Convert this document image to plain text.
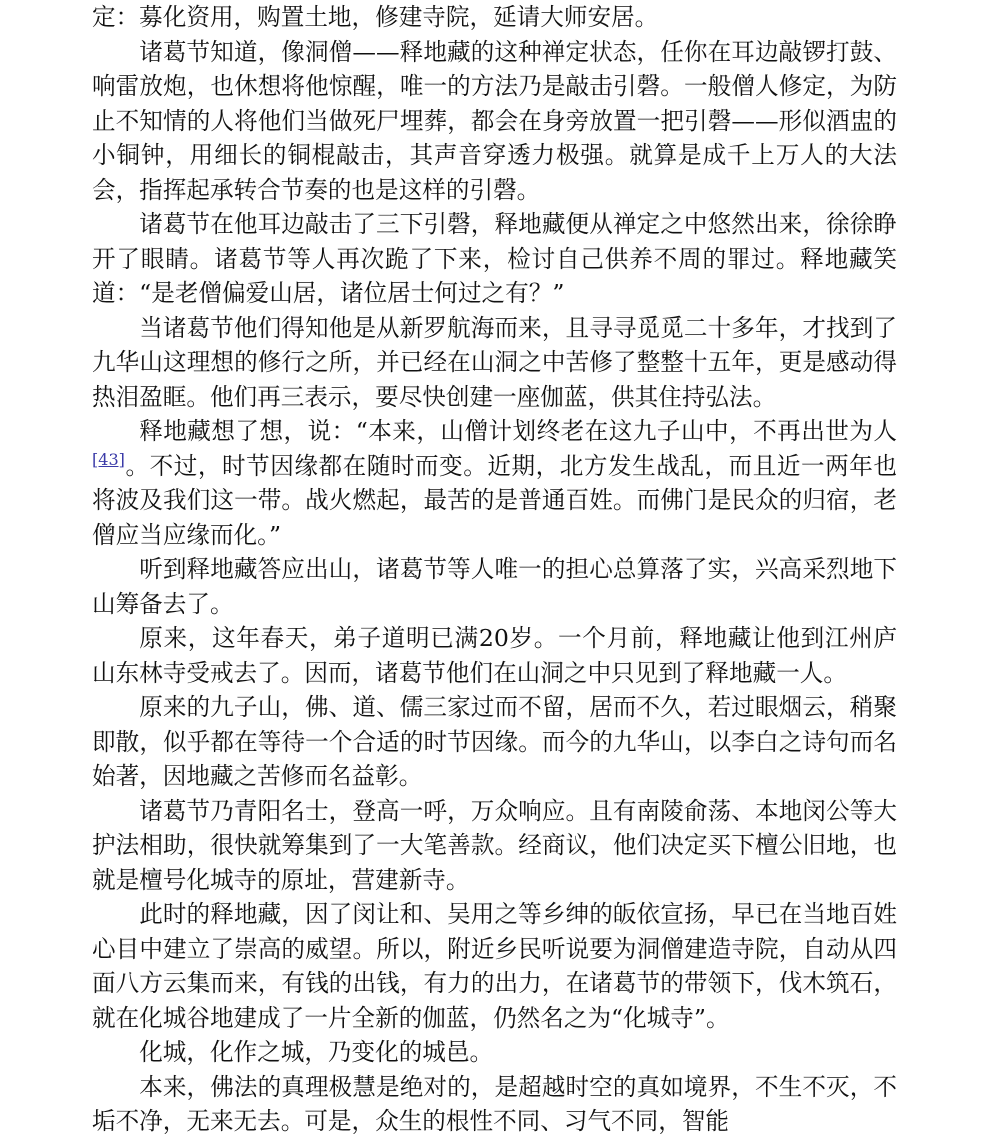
定：募化资用，购置土地，修建寺院，延请大师安居。

诸葛节知道，像洞僧——释地藏的这种禅定状态，任你在耳边敲锣打鼓、响雷放炮，也休想将他惊醒，唯一的方法乃是敲击引磬。一般僧人修定，为防止不知情的人将他们当做死尸埋葬，都会在身旁放置一把引磬——形似酒盅的小铜钟，用细长的铜棍敲击，其声音穿透力极强。就算是成千上万人的大法会，指挥起承转合节奏的也是这样的引磬。

诸葛节在他耳边敲击了三下引磬，释地藏便从禅定之中悠然出来，徐徐睁开了眼睛。诸葛节等人再次跪了下来，检讨自己供养不周的罪过。释地藏笑道：“是老僧偏爱山居，诸位居士何过之有？”

当诸葛节他们得知他是从新罗航海而来，且寻寻觅觅二十多年，才找到了九华山这理想的修行之所，并已经在山洞之中苦修了整整十五年，更是感动得热泪盈眶。他们再三表示，要尽快创建一座伽蓝，供其住持弘法。

释地藏想了想，说：“本来，山僧计划终老在这九子山中，不再出世为人[43]。不过，时节因缘都在随时而变。近期，北方发生战乱，而且近一两年也将波及我们这一带。战火燃起，最苦的是普通百姓。而佛门是民众的归宿，老僧应当应缘而化。”

听到释地藏答应出山，诸葛节等人唯一的担心总算落了实，兴高采烈地下山筹备去了。

原来，这年春天，弟子道明已满20岁。一个月前，释地藏让他到江州庐山东林寺受戒去了。因而，诸葛节他们在山洞之中只见到了释地藏一人。

原来的九子山，佛、道、儒三家过而不留，居而不久，若过眼烟云，稍聚即散，似乎都在等待一个合适的时节因缘。而今的九华山，以李白之诗句而名始著，因地藏之苦修而名益彰。

诸葛节乃青阳名士，登高一呼，万众响应。且有南陵俞荡、本地闵公等大护法相助，很快就筹集到了一大笔善款。经商议，他们决定买下檀公旧地，也就是檀号化城寺的原址，营建新寺。

此时的释地藏，因了闵让和、吴用之等乡绅的皈依宣扬，早已在当地百姓心目中建立了崇高的威望。所以，附近乡民听说要为洞僧建造寺院，自动从四面八方云集而来，有钱的出钱，有力的出力，在诸葛节的带领下，伐木筑石，就在化城谷地建成了一片全新的伽蓝，仍然名之为“化城寺”。

化城，化作之城，乃变化的城邑。

本来，佛法的真理极慧是绝对的，是超越时空的真如境界，不生不灭，不垢不净，无来无去。可是，众生的根性不同、习气不同，智能
